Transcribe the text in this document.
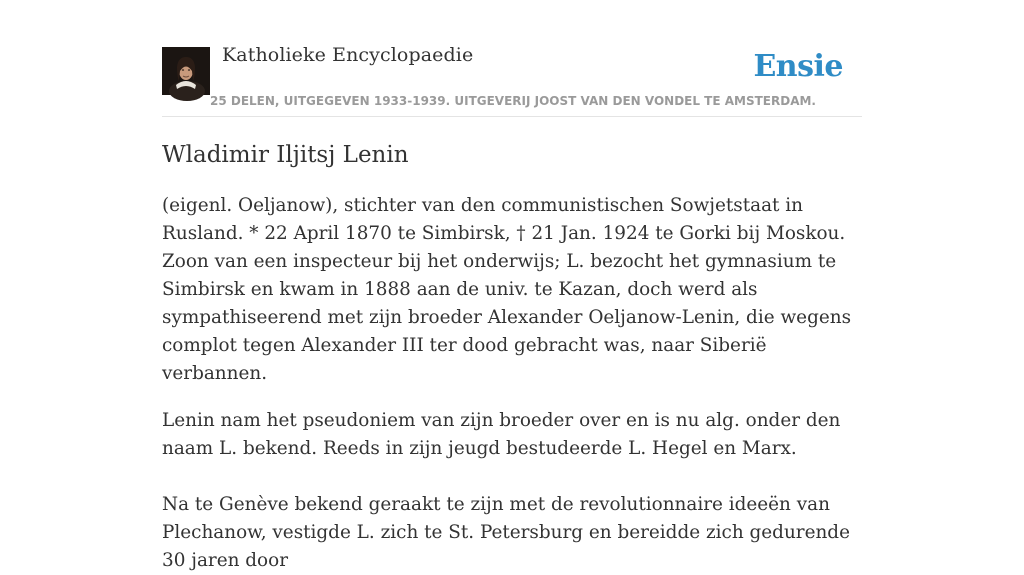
Katholieke Encyclopaedie	Ensie
25 DELEN, UITGEGEVEN 1933-1939. UITGEVERIJ JOOST VAN DEN VONDEL TE AMSTERDAM.
Wladimir Iljitsj Lenin

(eigenl. Oeljanow), stichter van den communistischen Sowjetstaat in Rusland. * 22 April 1870 te Simbirsk, † 21 Jan. 1924 te Gorki bij Moskou. Zoon van een inspecteur bij het onderwijs; L. bezocht het gymnasium te Simbirsk en kwam in 1888 aan de univ. te Kazan, doch werd als sympathiseerend met zijn broeder Alexander Oeljanow-Lenin, die wegens complot tegen Alexander III ter dood gebracht was, naar Siberië verbannen.

Lenin nam het pseudoniem van zijn broeder over en is nu alg. onder den naam L. bekend. Reeds in zijn jeugd bestudeerde L. Hegel en Marx.

Na te Genève bekend geraakt te zijn met de revolutionnaire ideeën van Plechanow, vestigde L. zich te St. Petersburg en bereidde zich gedurende 30 jaren door
